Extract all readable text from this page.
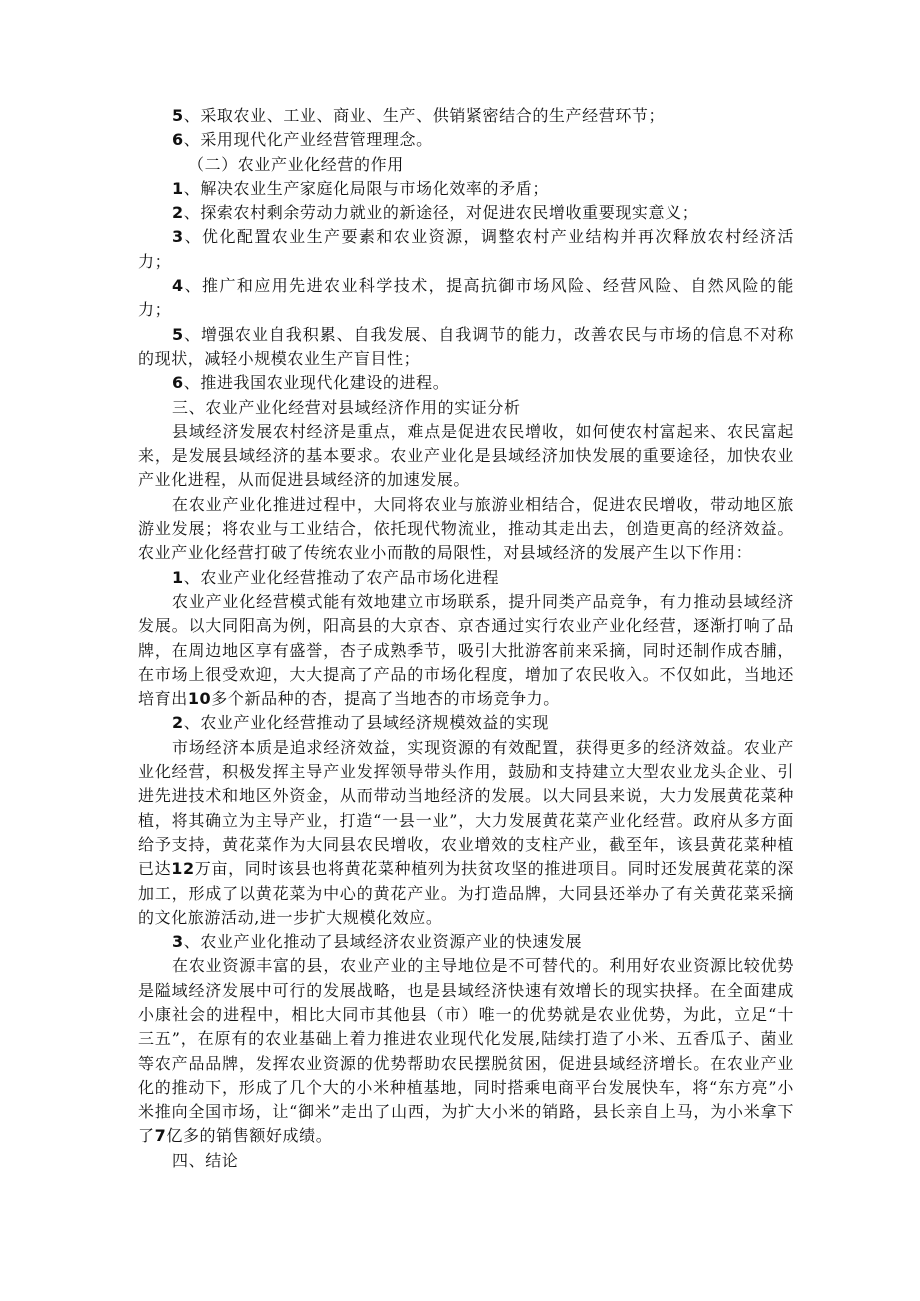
5、采取农业、工业、商业、生产、供销紧密结合的生产经营环节；

6、采用现代化产业经营管理理念。

（二）农业产业化经营的作用

1、解决农业生产家庭化局限与市场化效率的矛盾；

2、探索农村剩余劳动力就业的新途径，对促进农民增收重要现实意义；

3、优化配置农业生产要素和农业资源，调整农村产业结构并再次释放农村经济活力；

4、推广和应用先进农业科学技术，提高抗御市场风险、经营风险、自然风险的能力；

5、增强农业自我积累、自我发展、自我调节的能力，改善农民与市场的信息不对称的现状，减轻小规模农业生产盲目性；

6、推进我国农业现代化建设的进程。

三、农业产业化经营对县域经济作用的实证分析

县域经济发展农村经济是重点，难点是促进农民增收，如何使农村富起来、农民富起来，是发展县域经济的基本要求。农业产业化是县域经济加快发展的重要途径，加快农业产业化进程，从而促进县域经济的加速发展。

在农业产业化推进过程中，大同将农业与旅游业相结合，促进农民增收，带动地区旅游业发展；将农业与工业结合，依托现代物流业，推动其走出去，创造更高的经济效益。农业产业化经营打破了传统农业小而散的局限性，对县域经济的发展产生以下作用：

1、农业产业化经营推动了农产品市场化进程

农业产业化经营模式能有效地建立市场联系，提升同类产品竞争，有力推动县域经济发展。以大同阳高为例，阳高县的大京杏、京杏通过实行农业产业化经营，逐渐打响了品牌，在周边地区享有盛誉，杏子成熟季节，吸引大批游客前来采摘，同时还制作成杏脯，在市场上很受欢迎，大大提高了产品的市场化程度，增加了农民收入。不仅如此，当地还培育出10多个新品种的杏，提高了当地杏的市场竞争力。

2、农业产业化经营推动了县域经济规模效益的实现

市场经济本质是追求经济效益，实现资源的有效配置，获得更多的经济效益。农业产业化经营，积极发挥主导产业发挥领导带头作用，鼓励和支持建立大型农业龙头企业、引进先进技术和地区外资金，从而带动当地经济的发展。以大同县来说，大力发展黄花菜种植，将其确立为主导产业，打造“一县一业”，大力发展黄花菜产业化经营。政府从多方面给予支持，黄花菜作为大同县农民增收，农业增效的支柱产业，截至年，该县黄花菜种植已达12万亩，同时该县也将黄花菜种植列为扶贫攻坚的推进项目。同时还发展黄花菜的深加工，形成了以黄花菜为中心的黄花产业。为打造品牌，大同县还举办了有关黄花菜采摘的文化旅游活动,进一步扩大规模化效应。

3、农业产业化推动了县域经济农业资源产业的快速发展

在农业资源丰富的县，农业产业的主导地位是不可替代的。利用好农业资源比较优势是隘域经济发展中可行的发展战略，也是县域经济快速有效增长的现实抉择。在全面建成小康社会的进程中，相比大同市其他县（市）唯一的优势就是农业优势，为此，立足“十三五”，在原有的农业基础上着力推进农业现代化发展,陆续打造了小米、五香瓜子、菌业等农产品品牌，发挥农业资源的优势帮助农民摆脱贫困，促进县域经济增长。在农业产业化的推动下，形成了几个大的小米种植基地，同时搭乘电商平台发展快车，将“东方亮”小米推向全国市场，让“御米”走出了山西，为扩大小米的销路，县长亲自上马，为小米拿下了7亿多的销售额好成绩。

四、结论
